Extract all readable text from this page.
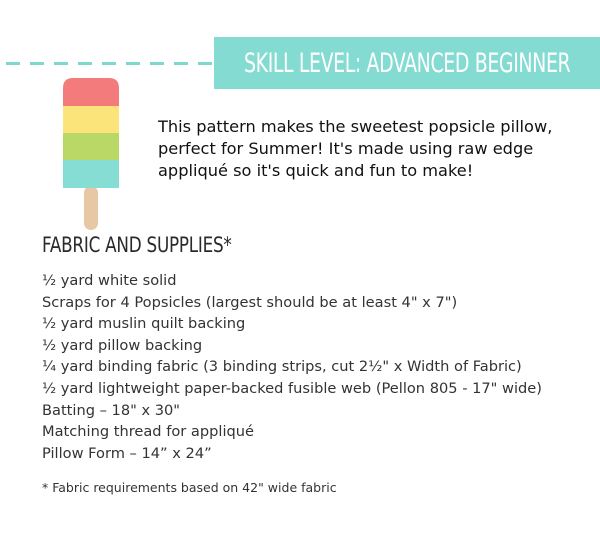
SKILL LEVEL: ADVANCED BEGINNER
This pattern makes the sweetest popsicle pillow, perfect for Summer! It's made using raw edge appliqué so it's quick and fun to make!
FABRIC AND SUPPLIES*
½ yard white solid
Scraps for 4 Popsicles (largest should be at least 4" x 7")
½ yard muslin quilt backing
½ yard pillow backing
¼ yard binding fabric (3 binding strips, cut 2½" x Width of Fabric)
½ yard lightweight paper-backed fusible web (Pellon 805 - 17" wide)
Batting – 18" x 30"
Matching thread for appliqué
Pillow Form – 14” x 24”
* Fabric requirements based on 42" wide fabric
